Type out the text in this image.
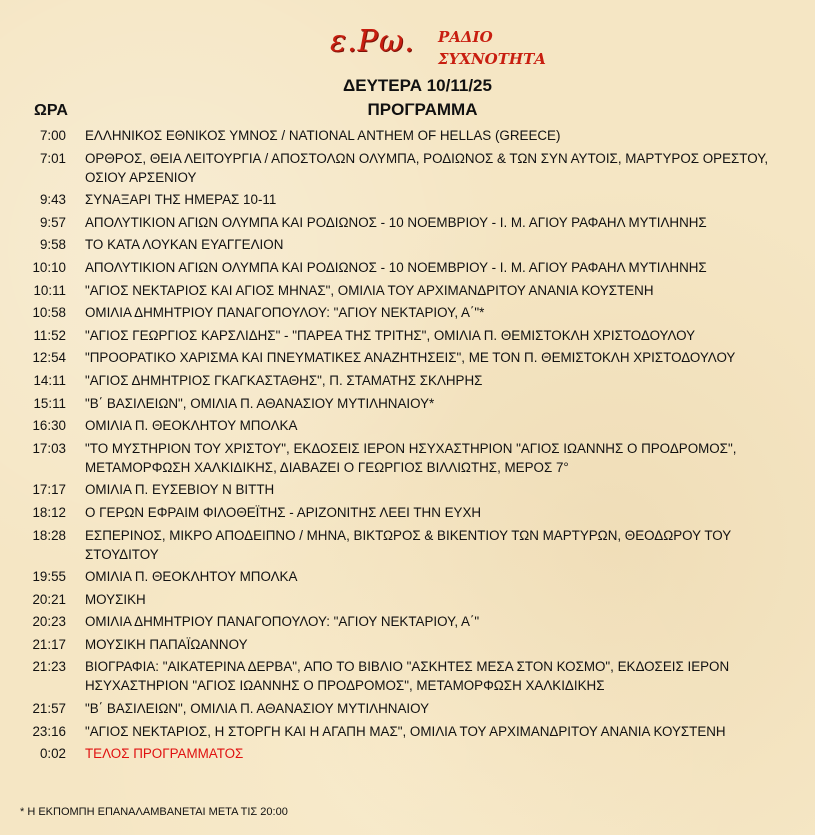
ε.Ρω. ΡΑΔΙΟ
ΣΥΧΝΟΤΗΤΑ
ΔΕΥΤΕΡΑ 10/11/25
ΩΡΑ	ΠΡΟΓΡΑΜΜΑ
7:00 ΕΛΛΗΝΙΚΟΣ ΕΘΝΙΚΟΣ ΥΜΝΟΣ / NATIONAL ANTHEM OF HELLAS (GREECE)
7:01 ΟΡΘΡΟΣ, ΘΕΙΑ ΛΕΙΤΟΥΡΓΙΑ / ΑΠΟΣΤΟΛΩΝ ΟΛΥΜΠΑ, ΡΟΔΙΩΝΟΣ & ΤΩΝ ΣΥΝ ΑΥΤΟΙΣ, ΜΑΡΤΥΡΟΣ ΟΡΕΣΤΟΥ, ΟΣΙΟΥ ΑΡΣΕΝΙΟΥ
9:43 ΣΥΝΑΞΑΡΙ ΤΗΣ ΗΜΕΡΑΣ 10-11
9:57 ΑΠΟΛΥΤΙΚΙΟΝ ΑΓΙΩΝ ΟΛΥΜΠΑ ΚΑΙ ΡΟΔΙΩΝΟΣ - 10 ΝΟΕΜΒΡΙΟΥ - Ι. Μ. ΑΓΙΟΥ ΡΑΦΑΗΛ ΜΥΤΙΛΗΝΗΣ
9:58 ΤΟ ΚΑΤΑ ΛΟΥΚΑΝ ΕΥΑΓΓΕΛΙΟΝ
10:10 ΑΠΟΛΥΤΙΚΙΟΝ ΑΓΙΩΝ ΟΛΥΜΠΑ ΚΑΙ ΡΟΔΙΩΝΟΣ - 10 ΝΟΕΜΒΡΙΟΥ - Ι. Μ. ΑΓΙΟΥ ΡΑΦΑΗΛ ΜΥΤΙΛΗΝΗΣ
10:11 "ΑΓΙΟΣ ΝΕΚΤΑΡΙΟΣ ΚΑΙ ΑΓΙΟΣ ΜΗΝΑΣ", ΟΜΙΛΙΑ ΤΟΥ ΑΡΧΙΜΑΝΔΡΙΤΟΥ ΑΝΑΝΙΑ ΚΟΥΣΤΕΝΗ
10:58 ΟΜΙΛΙΑ ΔΗΜΗΤΡΙΟΥ ΠΑΝΑΓΟΠΟΥΛΟΥ: "ΑΓΙΟΥ ΝΕΚΤΑΡΙΟΥ, Α΄"*
11:52 "ΑΓΙΟΣ ΓΕΩΡΓΙΟΣ ΚΑΡΣΛΙΔΗΣ" - "ΠΑΡΕΑ ΤΗΣ ΤΡΙΤΗΣ", ΟΜΙΛΙΑ Π. ΘΕΜΙΣΤΟΚΛΗ ΧΡΙΣΤΟΔΟΥΛΟΥ
12:54 "ΠΡΟΟΡΑΤΙΚΟ ΧΑΡΙΣΜΑ ΚΑΙ ΠΝΕΥΜΑΤΙΚΕΣ ΑΝΑΖΗΤΗΣΕΙΣ", ΜΕ ΤΟΝ Π. ΘΕΜΙΣΤΟΚΛΗ ΧΡΙΣΤΟΔΟΥΛΟΥ
14:11 "ΑΓΙΟΣ ΔΗΜΗΤΡΙΟΣ ΓΚΑΓΚΑΣΤΑΘΗΣ", Π. ΣΤΑΜΑΤΗΣ ΣΚΛΗΡΗΣ
15:11 "Β΄ ΒΑΣΙΛΕΙΩΝ", ΟΜΙΛΙΑ Π. ΑΘΑΝΑΣΙΟΥ ΜΥΤΙΛΗΝΑΙΟΥ*
16:30 ΟΜΙΛΙΑ Π. ΘΕΟΚΛΗΤΟΥ ΜΠΟΛΚΑ
17:03 "ΤΟ ΜΥΣΤΗΡΙΟΝ ΤΟΥ ΧΡΙΣΤΟΥ", ΕΚΔΟΣΕΙΣ ΙΕΡΟΝ ΗΣΥΧΑΣΤΗΡΙΟΝ "ΑΓΙΟΣ ΙΩΑΝΝΗΣ Ο ΠΡΟΔΡΟΜΟΣ", ΜΕΤΑΜΟΡΦΩΣΗ ΧΑΛΚΙΔΙΚΗΣ, ΔΙΑΒΑΖΕΙ Ο ΓΕΩΡΓΙΟΣ ΒΙΛΛΙΩΤΗΣ, ΜΕΡΟΣ 7°
17:17 ΟΜΙΛΙΑ Π. ΕΥΣΕΒΙΟΥ Ν ΒΙΤΤΗ
18:12 Ο ΓΕΡΩΝ ΕΦΡΑΙΜ ΦΙΛΟΘΕΪΤΗΣ - ΑΡΙΖΟΝΙΤΗΣ ΛΕΕΙ ΤΗΝ ΕΥΧΗ
18:28 ΕΣΠΕΡΙΝΟΣ, ΜΙΚΡΟ ΑΠΟΔΕΙΠΝΟ / ΜΗΝΑ, ΒΙΚΤΩΡΟΣ & ΒΙΚΕΝΤΙΟΥ ΤΩΝ ΜΑΡΤΥΡΩΝ, ΘΕΟΔΩΡΟΥ ΤΟΥ ΣΤΟΥΔΙΤΟΥ
19:55 ΟΜΙΛΙΑ Π. ΘΕΟΚΛΗΤΟΥ ΜΠΟΛΚΑ
20:21 ΜΟΥΣΙΚΗ
20:23 ΟΜΙΛΙΑ ΔΗΜΗΤΡΙΟΥ ΠΑΝΑΓΟΠΟΥΛΟΥ: "ΑΓΙΟΥ ΝΕΚΤΑΡΙΟΥ, Α΄"
21:17 ΜΟΥΣΙΚΗ ΠΑΠΑΪΩΑΝΝΟΥ
21:23 ΒΙΟΓΡΑΦΙΑ: "ΑΙΚΑΤΕΡΙΝΑ ΔΕΡΒΑ", ΑΠΟ ΤΟ ΒΙΒΛΙΟ "ΑΣΚΗΤΕΣ ΜΕΣΑ ΣΤΟΝ ΚΟΣΜΟ", ΕΚΔΟΣΕΙΣ ΙΕΡΟΝ ΗΣΥΧΑΣΤΗΡΙΟΝ "ΑΓΙΟΣ ΙΩΑΝΝΗΣ Ο ΠΡΟΔΡΟΜΟΣ", ΜΕΤΑΜΟΡΦΩΣΗ ΧΑΛΚΙΔΙΚΗΣ
21:57 "Β΄ ΒΑΣΙΛΕΙΩΝ", ΟΜΙΛΙΑ Π. ΑΘΑΝΑΣΙΟΥ ΜΥΤΙΛΗΝΑΙΟΥ
23:16 "ΑΓΙΟΣ ΝΕΚΤΑΡΙΟΣ, Η ΣΤΟΡΓΗ ΚΑΙ Η ΑΓΑΠΗ ΜΑΣ", ΟΜΙΛΙΑ ΤΟΥ ΑΡΧΙΜΑΝΔΡΙΤΟΥ ΑΝΑΝΙΑ ΚΟΥΣΤΕΝΗ
0:02 ΤΕΛΟΣ ΠΡΟΓΡΑΜΜΑΤΟΣ
* Η ΕΚΠΟΜΠΗ ΕΠΑΝΑΛΑΜΒΑΝΕΤΑΙ ΜΕΤΑ ΤΙΣ 20:00
